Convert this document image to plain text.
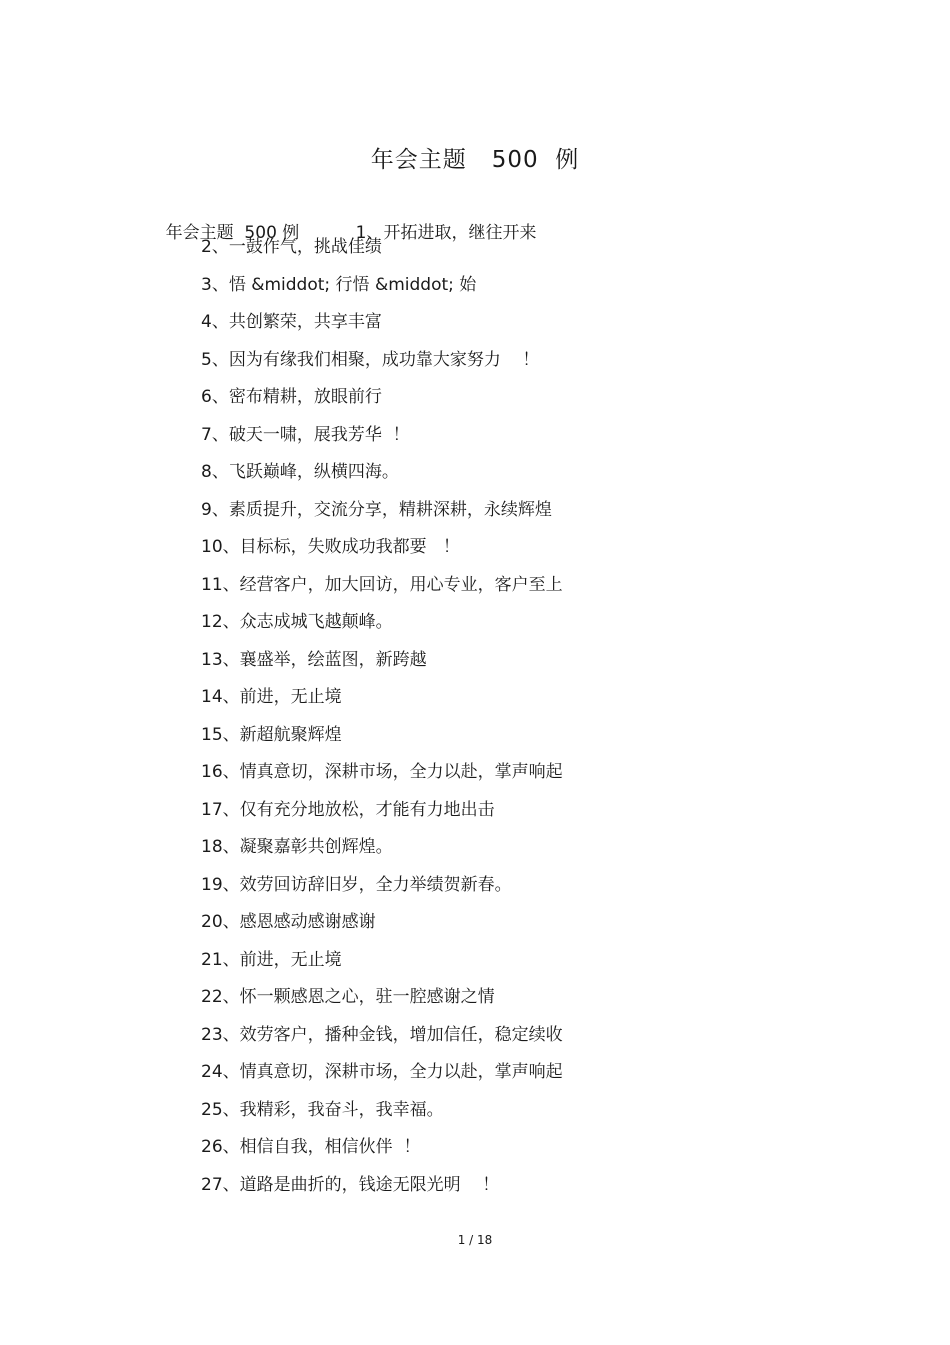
年会主题   500  例

年会主题  500 例	1、开拓进取，继往开来

2、一鼓作气，挑战佳绩
3、悟 &middot; 行悟 &middot; 始
4、共创繁荣，共享丰富
5、因为有缘我们相聚，成功靠大家努力    ！
6、密布精耕，放眼前行
7、破天一啸，展我芳华  ！
8、飞跃巅峰，纵横四海。
9、素质提升，交流分享，精耕深耕，永续辉煌
10、目标标，失败成功我都要   ！
11、经营客户，加大回访，用心专业，客户至上
12、众志成城飞越颠峰。
13、襄盛举，绘蓝图，新跨越
14、前进，无止境
15、新超航聚辉煌
16、情真意切，深耕市场，全力以赴，掌声响起
17、仅有充分地放松，才能有力地出击
18、凝聚嘉彰共创辉煌。
19、效劳回访辞旧岁，全力举绩贺新春。
20、感恩感动感谢感谢
21、前进，无止境
22、怀一颗感恩之心，驻一腔感谢之情
23、效劳客户，播种金钱，增加信任，稳定续收
24、情真意切，深耕市场，全力以赴，掌声响起
25、我精彩，我奋斗，我幸福。
26、相信自我，相信伙伴  ！
27、道路是曲折的，钱途无限光明    ！
1 / 18
